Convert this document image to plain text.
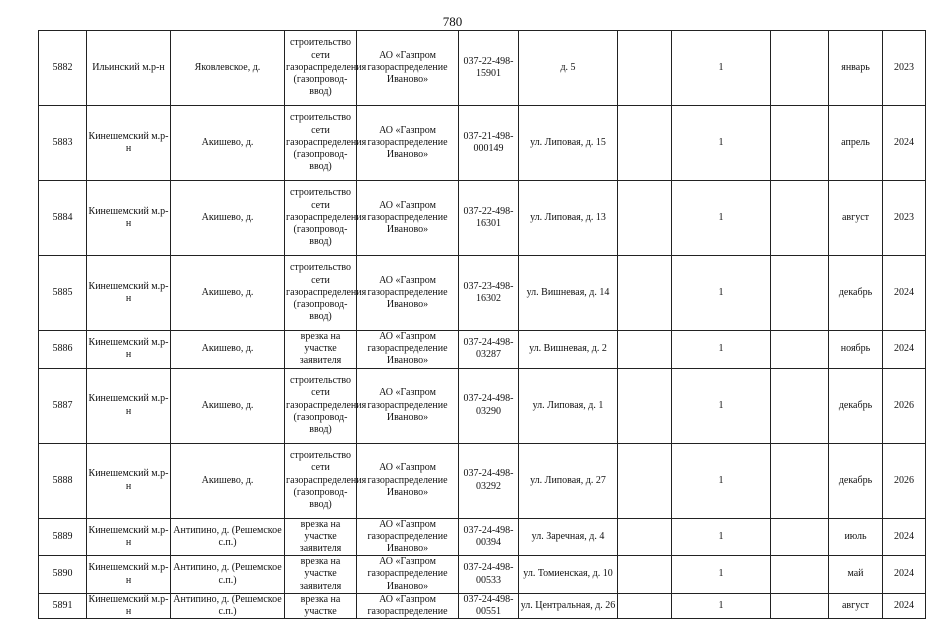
780
5882	Ильинский м.р-н	Яковлевское, д.	строительство сети газораспределения (газопровод-ввод)	АО «Газпром газораспределение Иваново»	037-22-498-15901	д. 5		1		январь	2023
5883	Кинешемский м.р-н	Акишево, д.	строительство сети газораспределения (газопровод-ввод)	АО «Газпром газораспределение Иваново»	037-21-498-000149	ул. Липовая, д. 15		1		апрель	2024
5884	Кинешемский м.р-н	Акишево, д.	строительство сети газораспределения (газопровод-ввод)	АО «Газпром газораспределение Иваново»	037-22-498-16301	ул. Липовая, д. 13		1		август	2023
5885	Кинешемский м.р-н	Акишево, д.	строительство сети газораспределения (газопровод-ввод)	АО «Газпром газораспределение Иваново»	037-23-498-16302	ул. Вишневая, д. 14		1		декабрь	2024
5886	Кинешемский м.р-н	Акишево, д.	врезка на участке заявителя	АО «Газпром газораспределение Иваново»	037-24-498-03287	ул. Вишневая, д. 2		1		ноябрь	2024
5887	Кинешемский м.р-н	Акишево, д.	строительство сети газораспределения (газопровод-ввод)	АО «Газпром газораспределение Иваново»	037-24-498-03290	ул. Липовая, д. 1		1		декабрь	2026
5888	Кинешемский м.р-н	Акишево, д.	строительство сети газораспределения (газопровод-ввод)	АО «Газпром газораспределение Иваново»	037-24-498-03292	ул. Липовая, д. 27		1		декабрь	2026
5889	Кинешемский м.р-н	Антипино, д. (Решемское с.п.)	врезка на участке заявителя	АО «Газпром газораспределение Иваново»	037-24-498-00394	ул. Заречная, д. 4		1		июль	2024
5890	Кинешемский м.р-н	Антипино, д. (Решемское с.п.)	врезка на участке заявителя	АО «Газпром газораспределение Иваново»	037-24-498-00533	ул. Томиенская, д. 10		1		май	2024
5891	Кинешемский м.р-н	Антипино, д. (Решемское с.п.)	врезка на участке	АО «Газпром газораспределение	037-24-498-00551	ул. Центральная, д. 26		1		август	2024
